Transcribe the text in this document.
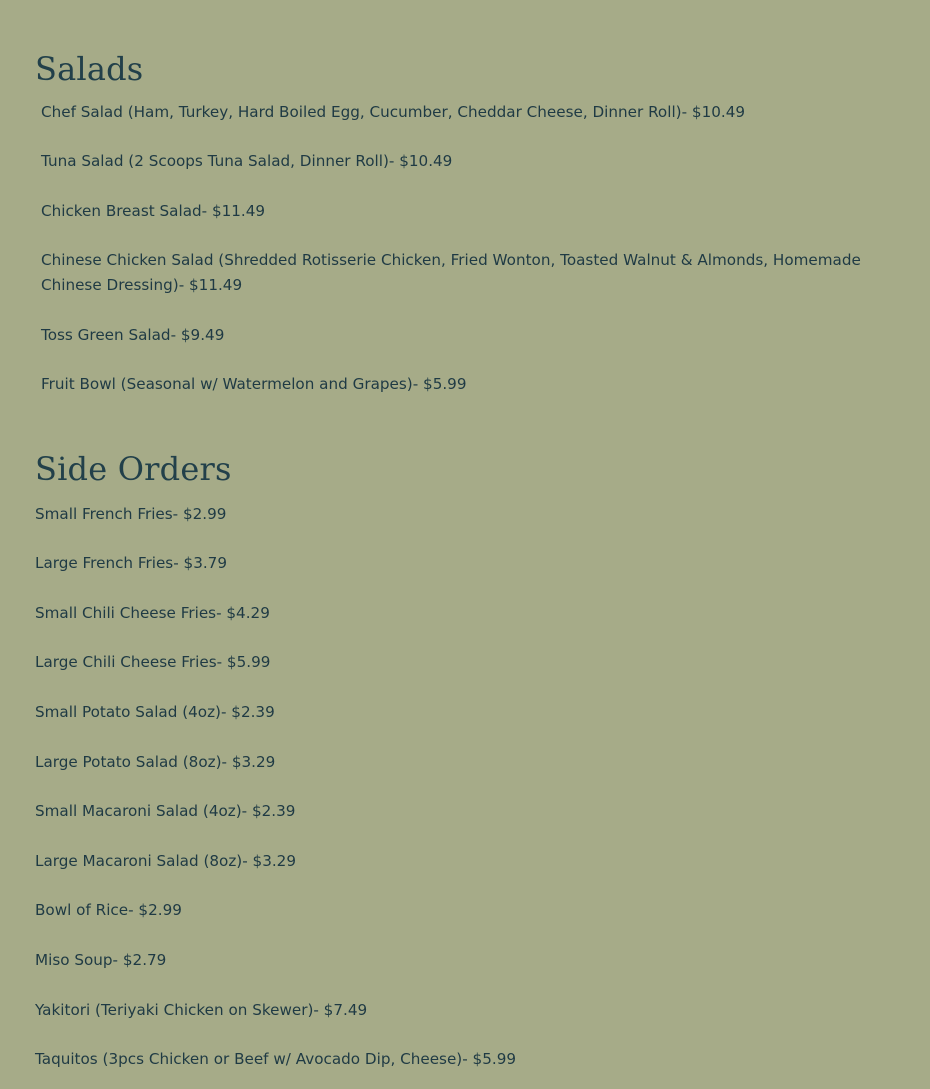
Salads

Chef Salad (Ham, Turkey, Hard Boiled Egg, Cucumber, Cheddar Cheese, Dinner Roll)- $10.49

Tuna Salad (2 Scoops Tuna Salad, Dinner Roll)- $10.49

Chicken Breast Salad- $11.49

Chinese Chicken Salad (Shredded Rotisserie Chicken, Fried Wonton, Toasted Walnut & Almonds, Homemade Chinese Dressing)- $11.49

Toss Green Salad- $9.49

Fruit Bowl (Seasonal w/ Watermelon and Grapes)- $5.99

Side Orders

Small French Fries- $2.99

Large French Fries- $3.79

Small Chili Cheese Fries- $4.29

Large Chili Cheese Fries- $5.99

Small Potato Salad (4oz)- $2.39

Large Potato Salad (8oz)- $3.29

Small Macaroni Salad (4oz)- $2.39

Large Macaroni Salad (8oz)- $3.29

Bowl of Rice- $2.99

Miso Soup- $2.79

Yakitori (Teriyaki Chicken on Skewer)- $7.49

Taquitos (3pcs Chicken or Beef w/ Avocado Dip, Cheese)- $5.99
